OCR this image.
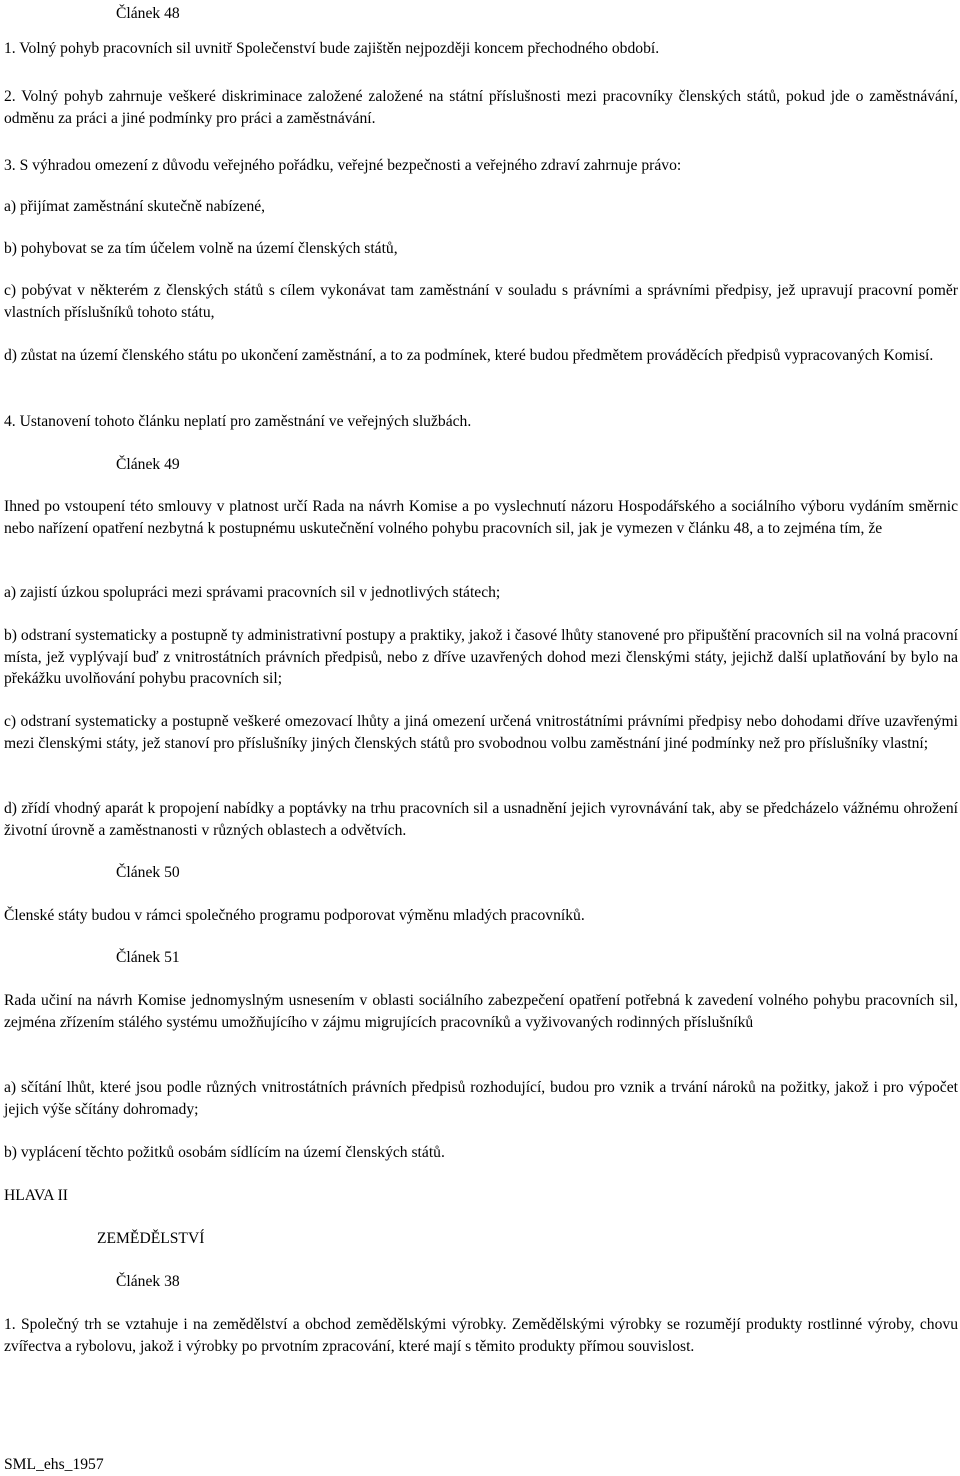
Článek 48

1. Volný pohyb pracovních sil uvnitř Společenství bude zajištěn nejpozději koncem přechodného období.

2. Volný pohyb zahrnuje veškeré diskriminace založené založené na státní příslušnosti mezi pracovníky členských států, pokud jde o zaměstnávání, odměnu za práci a jiné podmínky pro práci a zaměstnávání.

3. S výhradou omezení z důvodu veřejného pořádku, veřejné bezpečnosti a veřejného zdraví zahrnuje právo:

a) přijímat zaměstnání skutečně nabízené,

b) pohybovat se za tím účelem volně na území členských států,

c) pobývat v některém z členských států s cílem vykonávat tam zaměstnání v souladu s právními a správními předpisy, jež upravují pracovní poměr vlastních příslušníků tohoto státu,

d) zůstat na území členského státu po ukončení zaměstnání, a to za podmínek, které budou předmětem prováděcích předpisů vypracovaných Komisí.

4. Ustanovení tohoto článku neplatí pro zaměstnání ve veřejných službách.

Článek 49

Ihned po vstoupení této smlouvy v platnost určí Rada na návrh Komise a po vyslechnutí názoru Hospodářského a sociálního výboru vydáním směrnic nebo nařízení opatření nezbytná k postupnému uskutečnění volného pohybu pracovních sil, jak je vymezen v článku 48, a to zejména tím, že

a) zajistí úzkou spolupráci mezi správami pracovních sil v jednotlivých státech;

b) odstraní systematicky a postupně ty administrativní postupy a praktiky, jakož i časové lhůty stanovené pro připuštění pracovních sil na volná pracovní místa, jež vyplývají buď z vnitrostátních právních předpisů, nebo z dříve uzavřených dohod mezi členskými státy, jejichž další uplatňování by bylo na překážku uvolňování pohybu pracovních sil;

c) odstraní systematicky a postupně veškeré omezovací lhůty a jiná omezení určená vnitrostátními právními předpisy nebo dohodami dříve uzavřenými mezi členskými státy, jež stanoví pro příslušníky jiných členských států pro svobodnou volbu zaměstnání jiné podmínky než pro příslušníky vlastní;

d) zřídí vhodný aparát k propojení nabídky a poptávky na trhu pracovních sil a usnadnění jejich vyrovnávání tak, aby se předcházelo vážnému ohrožení životní úrovně a zaměstnanosti v různých oblastech a odvětvích.

Článek 50

Členské státy budou v rámci společného programu podporovat výměnu mladých pracovníků.

Článek 51

Rada učiní na návrh Komise jednomyslným usnesením v oblasti sociálního zabezpečení opatření potřebná k zavedení volného pohybu pracovních sil, zejména zřízením stálého systému umožňujícího v zájmu migrujících pracovníků a vyživovaných rodinných příslušníků

a) sčítání lhůt, které jsou podle různých vnitrostátních právních předpisů rozhodující, budou pro vznik a trvání nároků na požitky, jakož i pro výpočet jejich výše sčítány dohromady;

b) vyplácení těchto požitků osobám sídlícím na území členských států.

HLAVA II

ZEMĚDĚLSTVÍ

Článek 38

1. Společný trh se vztahuje i na zemědělství a obchod zemědělskými výrobky. Zemědělskými výrobky se rozumějí produkty rostlinné výroby, chovu zvířectva a rybolovu, jakož i výrobky po prvotním zpracování, které mají s těmito produkty přímou souvislost.

SML_ehs_1957
